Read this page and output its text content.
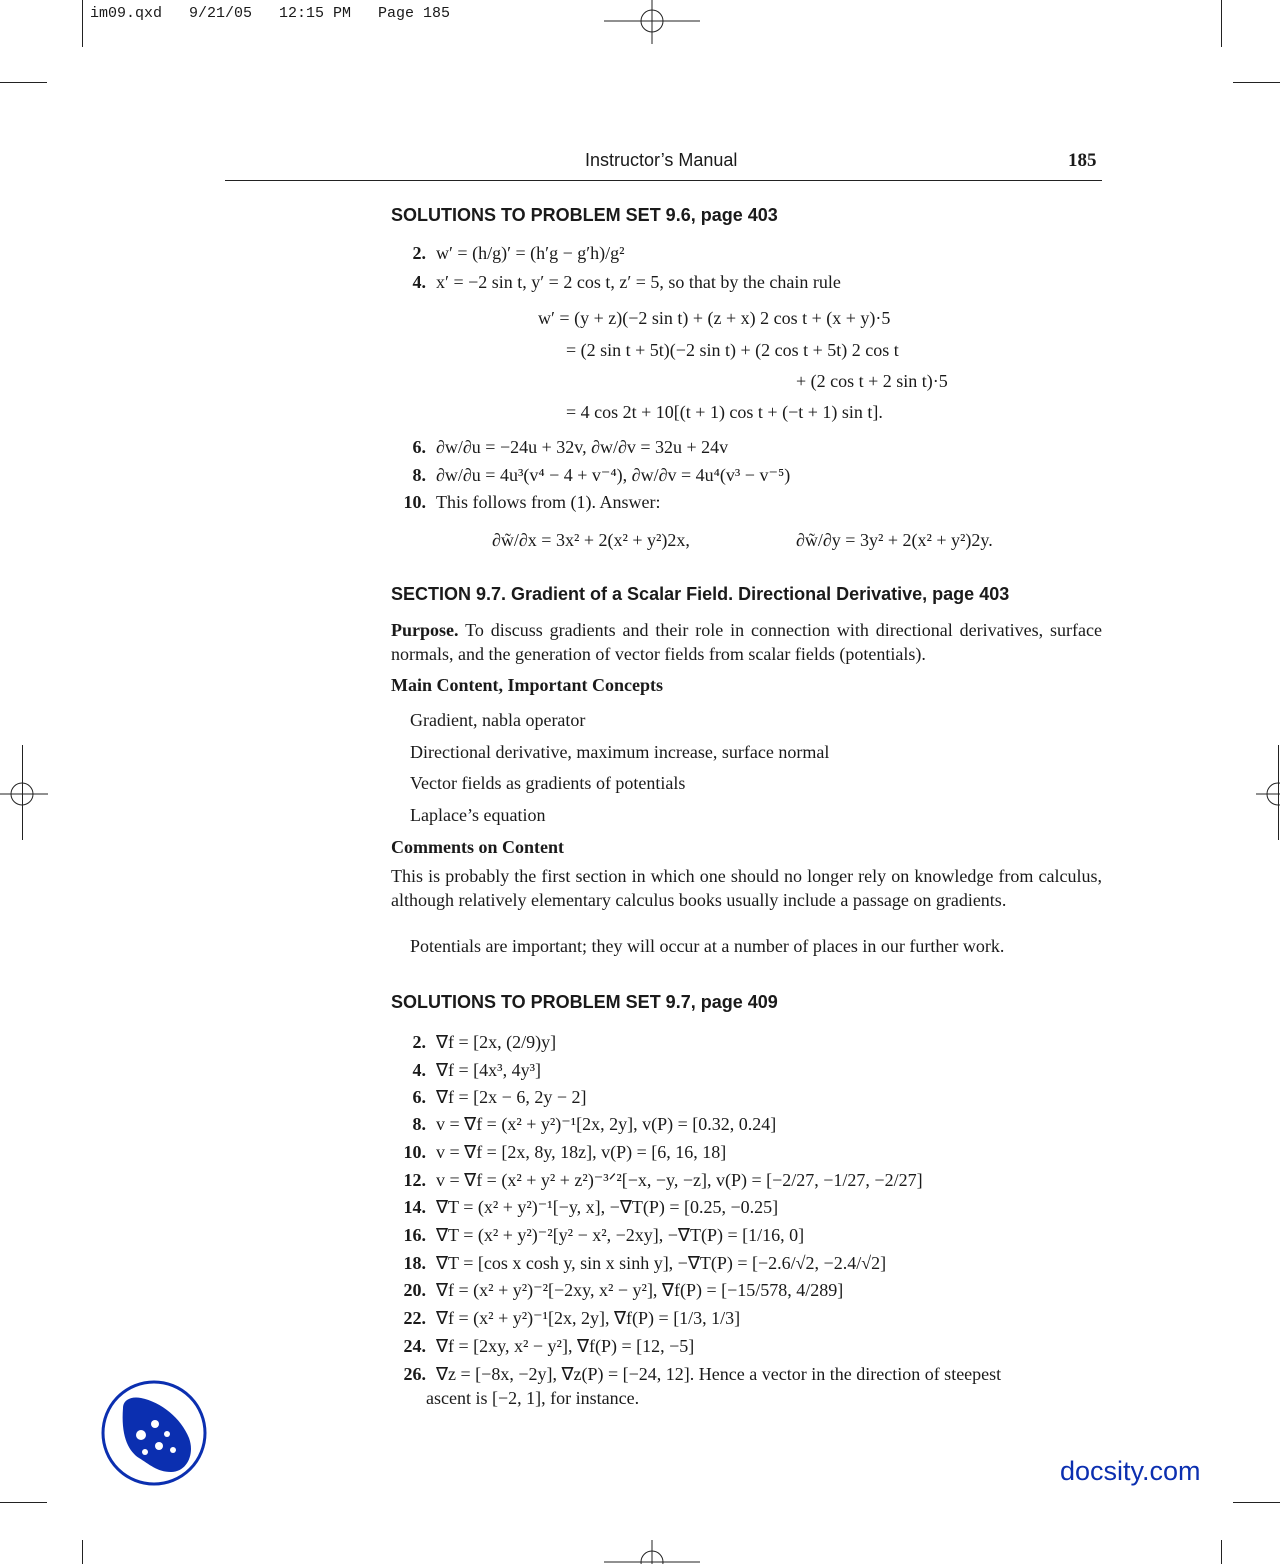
im09.qxd   9/21/05   12:15 PM   Page 185
Instructor’s Manual	185
SOLUTIONS TO PROBLEM SET 9.6, page 403
2. w′ = (h/g)′ = (h′g − g′h)/g²
4. x′ = −2 sin t, y′ = 2 cos t, z′ = 5, so that by the chain rule
w′ = (y + z)(−2 sin t) + (z + x) 2 cos t + (x + y)·5
= (2 sin t + 5t)(−2 sin t) + (2 cos t + 5t) 2 cos t
+ (2 cos t + 2 sin t)·5
= 4 cos 2t + 10[(t + 1) cos t + (−t + 1) sin t].
6. ∂w/∂u = −24u + 32v, ∂w/∂v = 32u + 24v
8. ∂w/∂u = 4u³(v⁴ − 4 + v⁻⁴), ∂w/∂v = 4u⁴(v³ − v⁻⁵)
10. This follows from (1). Answer:
∂w̃/∂x = 3x² + 2(x² + y²)2x,	∂w̃/∂y = 3y² + 2(x² + y²)2y.
SECTION 9.7. Gradient of a Scalar Field. Directional Derivative, page 403
Purpose. To discuss gradients and their role in connection with directional derivatives, surface normals, and the generation of vector fields from scalar fields (potentials).
Main Content, Important Concepts
Gradient, nabla operator
Directional derivative, maximum increase, surface normal
Vector fields as gradients of potentials
Laplace’s equation
Comments on Content
This is probably the first section in which one should no longer rely on knowledge from calculus, although relatively elementary calculus books usually include a passage on gradients.
Potentials are important; they will occur at a number of places in our further work.
SOLUTIONS TO PROBLEM SET 9.7, page 409
2. ∇f = [2x, (2/9)y]
4. ∇f = [4x³, 4y³]
6. ∇f = [2x − 6, 2y − 2]
8. v = ∇f = (x² + y²)⁻¹[2x, 2y], v(P) = [0.32, 0.24]
10. v = ∇f = [2x, 8y, 18z], v(P) = [6, 16, 18]
12. v = ∇f = (x² + y² + z²)⁻³ᐟ²[−x, −y, −z], v(P) = [−2/27, −1/27, −2/27]
14. ∇T = (x² + y²)⁻¹[−y, x], −∇T(P) = [0.25, −0.25]
16. ∇T = (x² + y²)⁻²[y² − x², −2xy], −∇T(P) = [1/16, 0]
18. ∇T = [cos x cosh y, sin x sinh y], −∇T(P) = [−2.6/√2, −2.4/√2]
20. ∇f = (x² + y²)⁻²[−2xy, x² − y²], ∇f(P) = [−15/578, 4/289]
22. ∇f = (x² + y²)⁻¹[2x, 2y], ∇f(P) = [1/3, 1/3]
24. ∇f = [2xy, x² − y²], ∇f(P) = [12, −5]
26. ∇z = [−8x, −2y], ∇z(P) = [−24, 12]. Hence a vector in the direction of steepest
ascent is [−2, 1], for instance.
docsity.com
